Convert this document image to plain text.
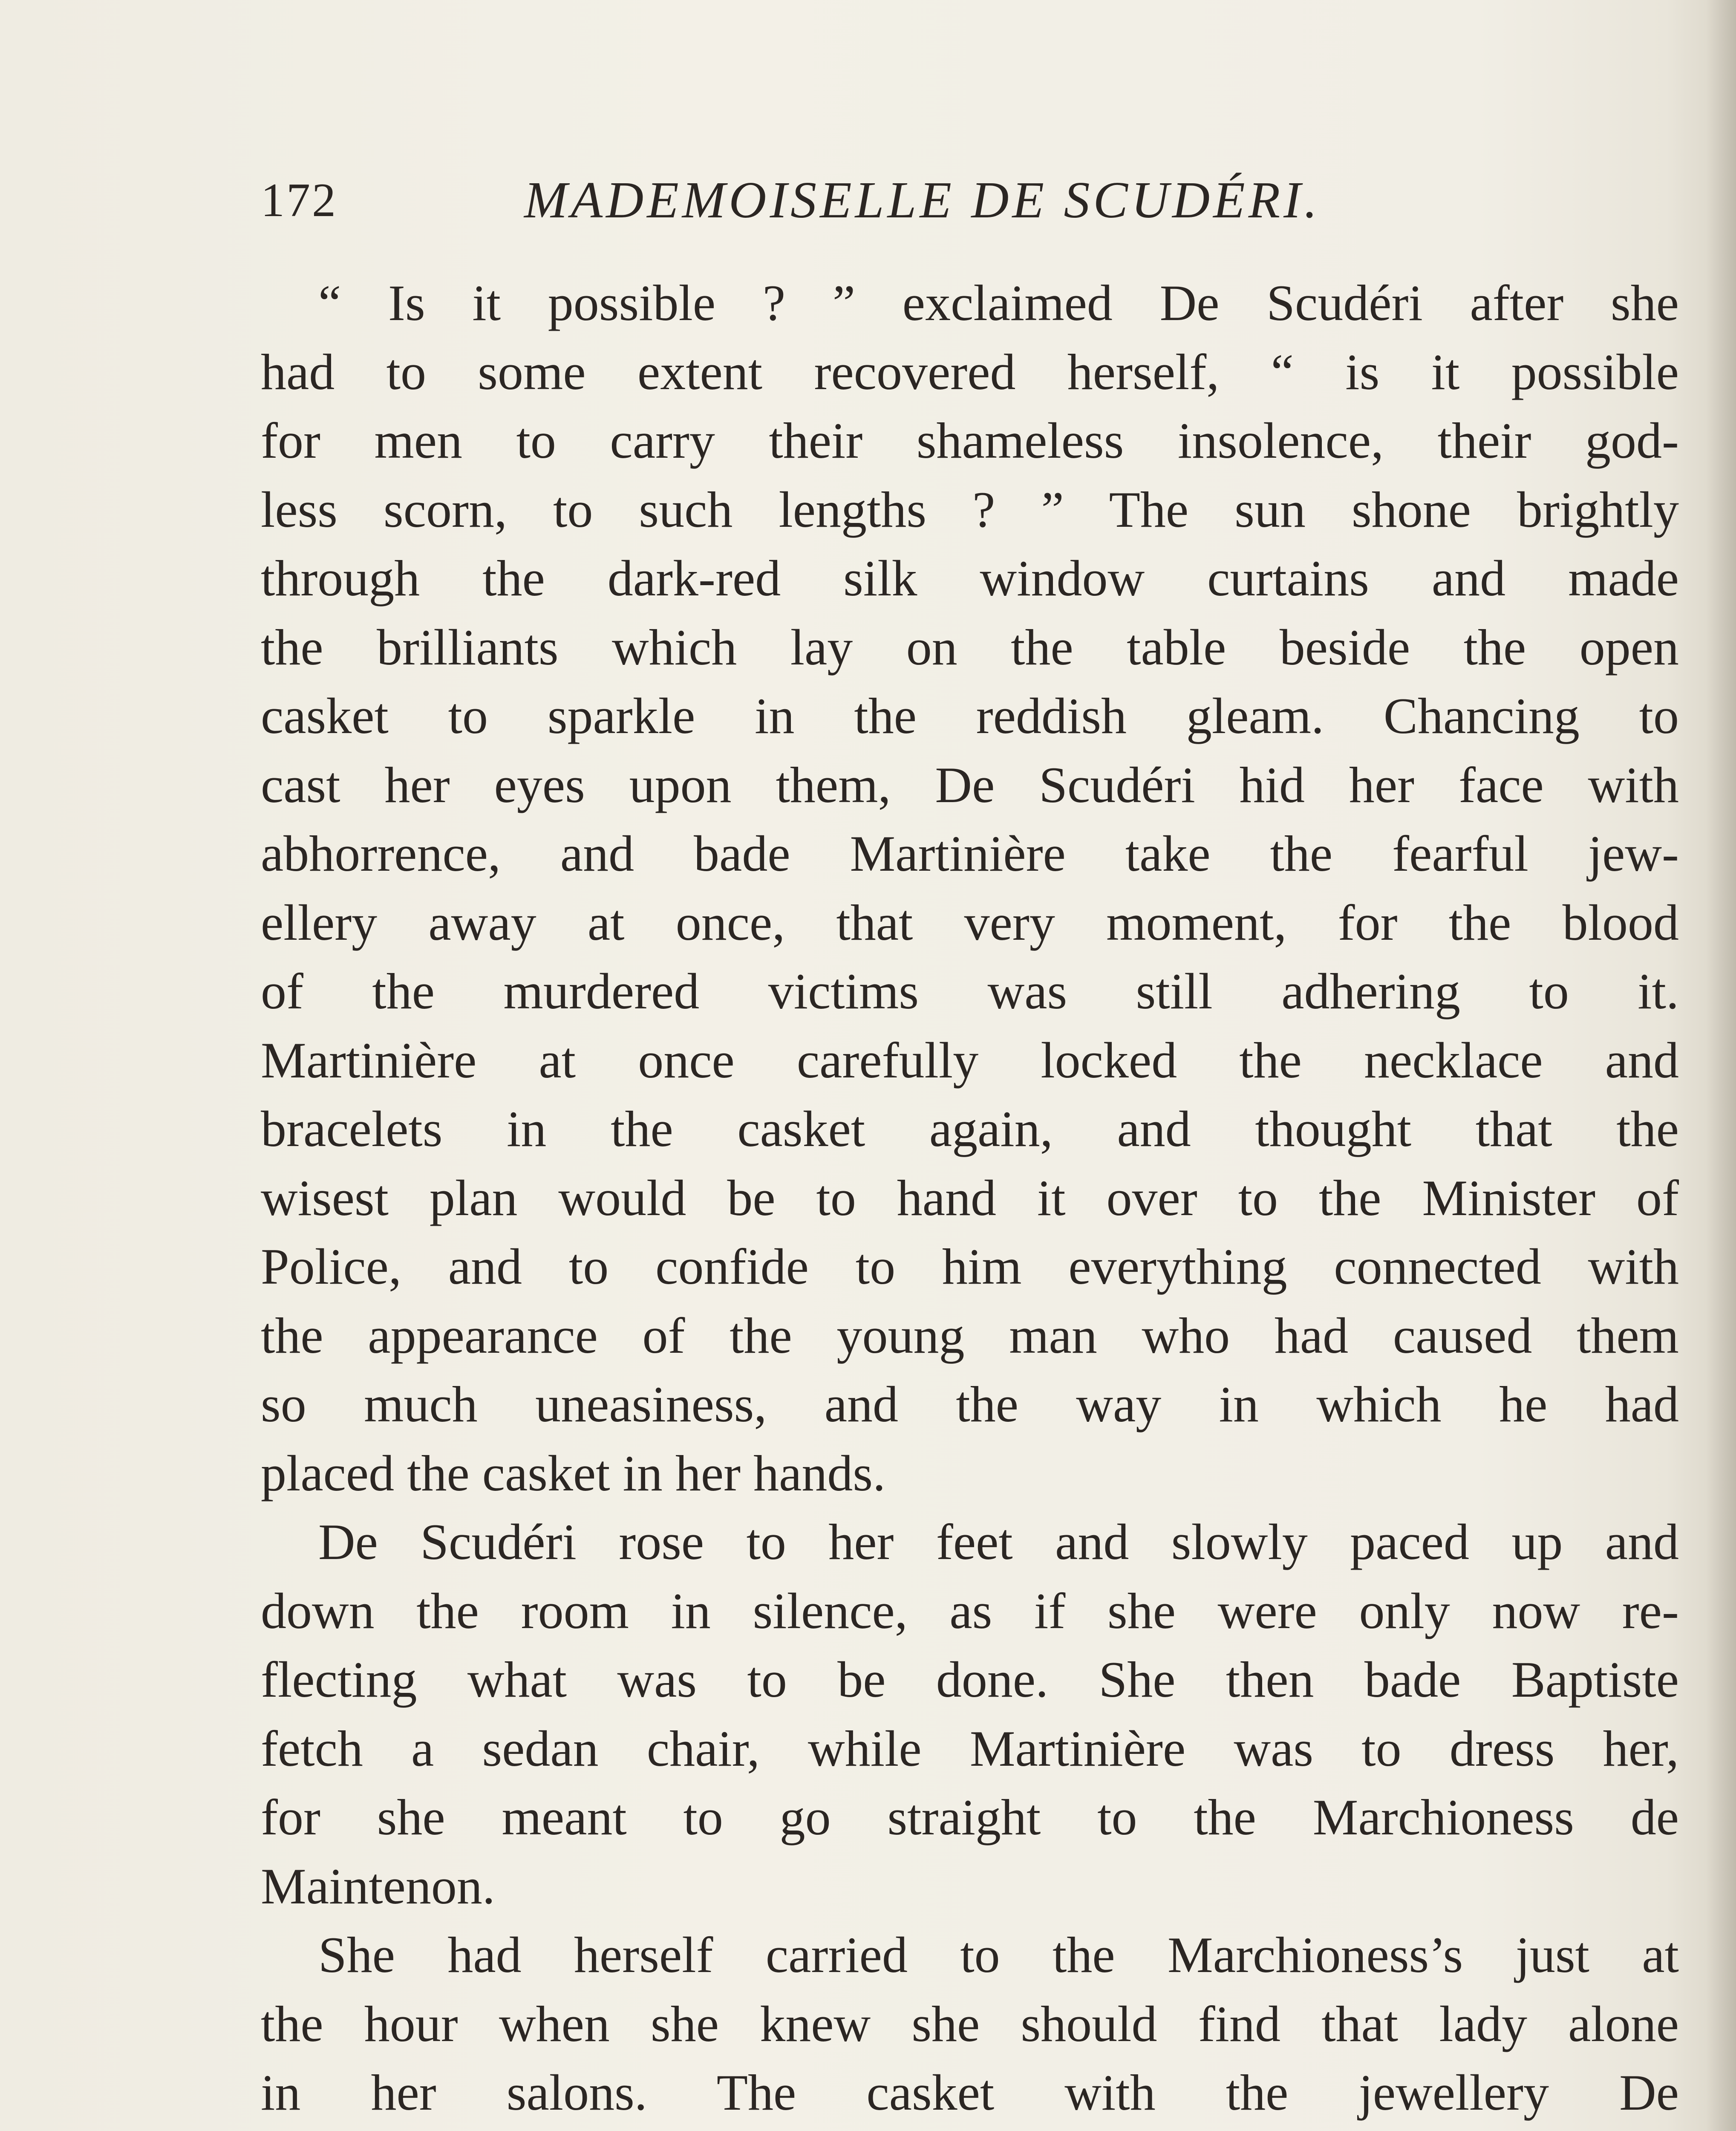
172	MADEMOISELLE DE SCUDÉRI.
“ Is it possible ? ” exclaimed De Scudéri after she
had to some extent recovered herself, “ is it possible
for men to carry their shameless insolence, their god-
less scorn, to such lengths ? ” The sun shone brightly
through the dark-red silk window curtains and made
the brilliants which lay on the table beside the open
casket to sparkle in the reddish gleam. Chancing to
cast her eyes upon them, De Scudéri hid her face with
abhorrence, and bade Martinière take the fearful jew-
ellery away at once, that very moment, for the blood
of the murdered victims was still adhering to it.
Martinière at once carefully locked the necklace and
bracelets in the casket again, and thought that the
wisest plan would be to hand it over to the Minister of
Police, and to confide to him everything connected with
the appearance of the young man who had caused them
so much uneasiness, and the way in which he had
placed the casket in her hands.
De Scudéri rose to her feet and slowly paced up and
down the room in silence, as if she were only now re-
flecting what was to be done. She then bade Baptiste
fetch a sedan chair, while Martinière was to dress her,
for she meant to go straight to the Marchioness de
Maintenon.
She had herself carried to the Marchioness’s just at
the hour when she knew she should find that lady alone
in her salons. The casket with the jewellery De
